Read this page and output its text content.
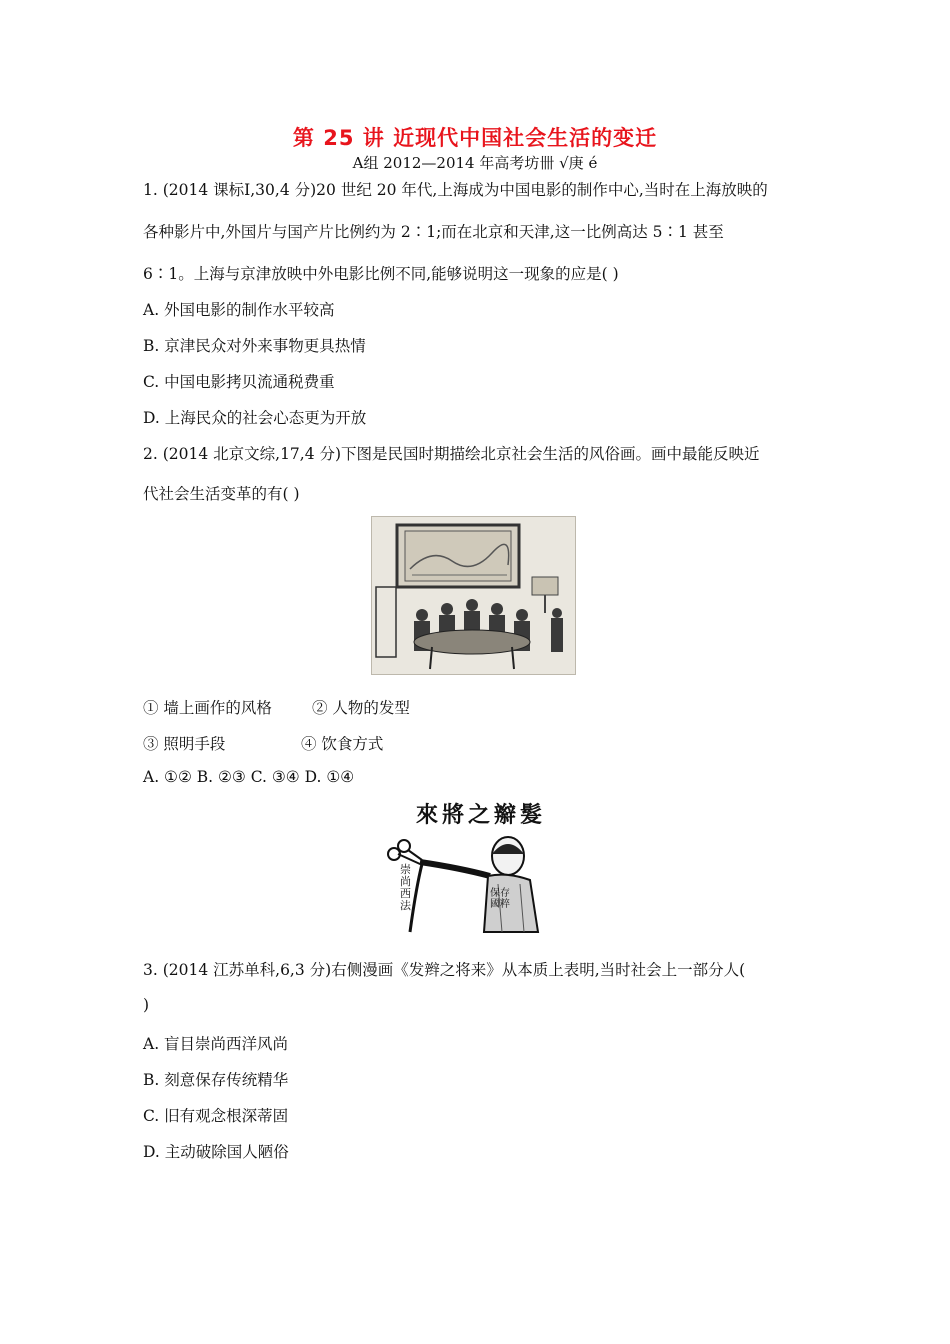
第 25 讲 近现代中国社会生活的变迁
A组 2012—2014 年高考坊卌 √庚 é
1. (2014 课标Ⅰ,30,4 分)20 世纪 20 年代,上海成为中国电影的制作中心,当时在上海放映的
各种影片中,外国片与国产片比例约为 2∶1;而在北京和天津,这一比例高达 5∶1 甚至
6∶1。上海与京津放映中外电影比例不同,能够说明这一现象的应是( )
A. 外国电影的制作水平较高
B. 京津民众对外来事物更具热情
C. 中国电影拷贝流通税费重
D. 上海民众的社会心态更为开放
2. (2014 北京文综,17,4 分)下图是民国时期描绘北京社会生活的风俗画。画中最能反映近
代社会生活变革的有( )
① 墙上画作的风格	② 人物的发型
③ 照明手段	④ 饮食方式
A. ①② B. ②③ C. ③④ D. ①④
來將之辮髮
崇尚西法
保存國粹
3. (2014 江苏单科,6,3 分)右侧漫画《发辫之将来》从本质上表明,当时社会上一部分人(
)
A. 盲目崇尚西洋风尚
B. 刻意保存传统精华
C. 旧有观念根深蒂固
D. 主动破除国人陋俗
